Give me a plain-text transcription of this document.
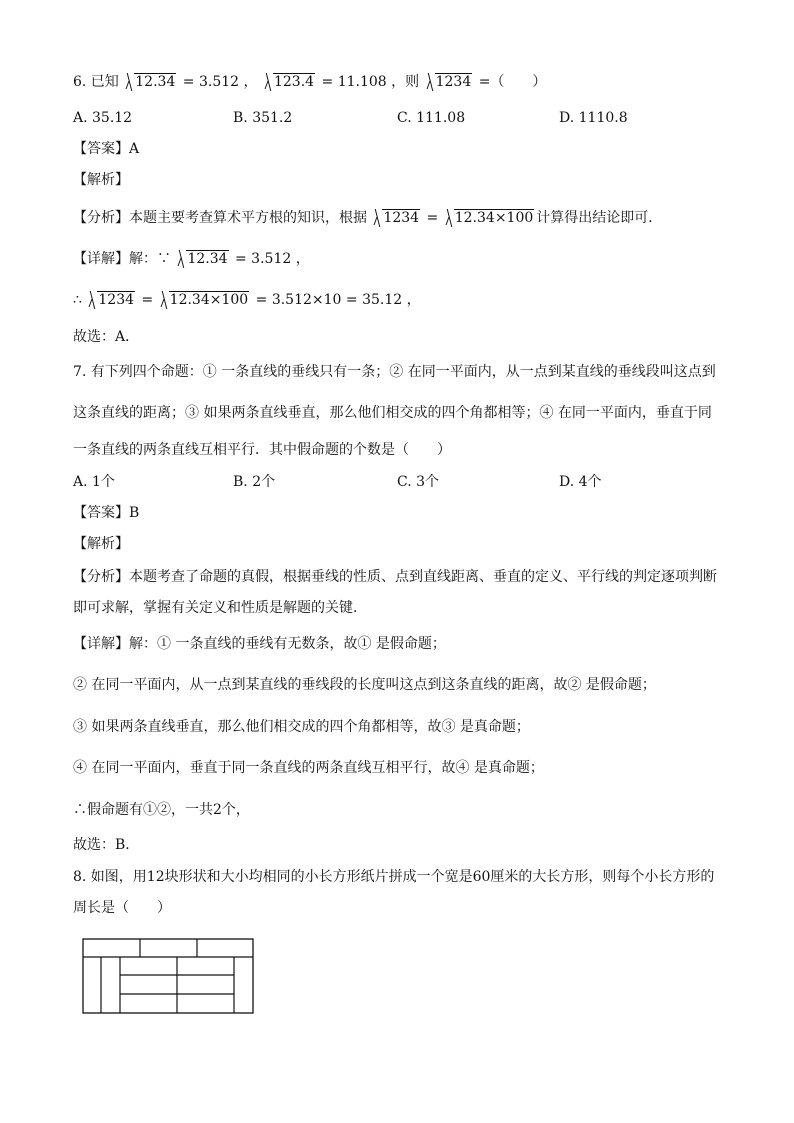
6. 已知 12.34 = 3.512 ， 123.4 = 11.108 ，则 1234 =（　　）
A. 35.12	B. 351.2	C. 111.08	D. 1110.8
【答案】A
【解析】
【分析】本题主要考查算术平方根的知识，根据 1234 =
12.34×100 计算得出结论即可．
【详解】解：∵ 12.34 = 3.512 ，
∴ 1234 =
12.34×100 = 3.512×10 = 35.12 ，
故选：A．
7. 有下列四个命题：① 一条直线的垂线只有一条；② 在同一平面内，从一点到某直线的垂线段叫这点到
这条直线的距离；③ 如果两条直线垂直，那么他们相交成的四个角都相等；④ 在同一平面内，垂直于同
一条直线的两条直线互相平行．其中假命题的个数是（　　）
A. 1个	B. 2个	C. 3个	D. 4个
【答案】B
【解析】
【分析】本题考查了命题的真假，根据垂线的性质、点到直线距离、垂直的定义、平行线的判定逐项判断
即可求解，掌握有关定义和性质是解题的关键．
【详解】解：① 一条直线的垂线有无数条，故① 是假命题；
② 在同一平面内，从一点到某直线的垂线段的长度叫这点到这条直线的距离，故② 是假命题；
③ 如果两条直线垂直，那么他们相交成的四个角都相等，故③ 是真命题；
④ 在同一平面内，垂直于同一条直线的两条直线互相平行，故④ 是真命题；
∴假命题有①②，一共2个，
故选：B．
8. 如图，用12块形状和大小均相同的小长方形纸片拼成一个宽是60厘米的大长方形，则每个小长方形的
周长是（　　）
